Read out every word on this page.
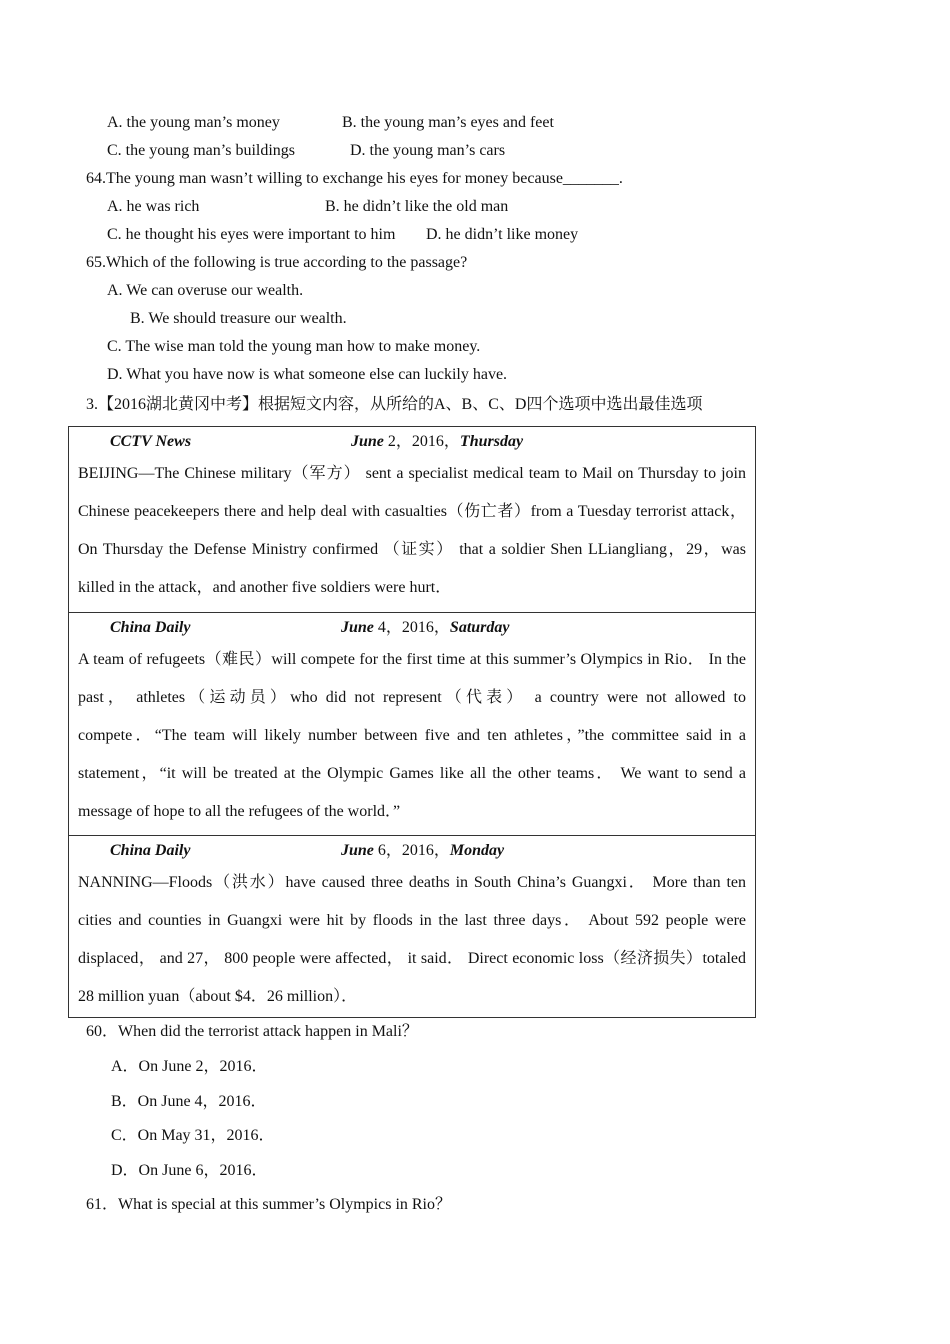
A. the young man’s money	B. the young man’s eyes and feet
C. the young man’s buildings	D. the young man’s cars
64.The young man wasn’t willing to exchange his eyes for money because_______.
A. he was rich	B. he didn’t like the old man
C. he thought his eyes were important to him D. he didn’t like money
65.Which of the following is true according to the passage?
A. We can overuse our wealth.
B. We should treasure our wealth.
C. The wise man told the young man how to make money.
D. What you have now is what someone else can luckily have.
3.【2016湖北黄冈中考】根据短文内容，从所给的A、B、C、D四个选项中选出最佳选项
CCTV News	June 2，2016，Thursday
BEIJING—The Chinese military（军方） sent a specialist medical team to Mail on Thursday to join Chinese peacekeepers there and help deal with casualties（伤亡者）from a Tuesday terrorist attack， On Thursday the Defense Ministry confirmed （证实） that a soldier Shen LLiangliang，29，was killed in the attack，and another five soldiers were hurt．
China Daily	June 4，2016，Saturday
A team of refugeets（难民）will compete for the first time at this summer’s Olympics in Rio． In the past， athletes（运动员）who did not represent（代表） a country were not allowed to compete．“The team will likely number between five and ten athletes，”the committee said in a statement，“it will be treated at the Olympic Games like all the other teams． We want to send a message of hope to all the refugees of the world．”
China Daily	June 6，2016，Monday
NANNING—Floods（洪水）have caused three deaths in South China’s Guangxi． More than ten cities and counties in Guangxi were hit by floods in the last three days． About 592 people were displaced， and 27， 800 people were affected， it said． Direct economic loss（经济损失）totaled 28 million yuan（about $4．26 million）．
60．When did the terrorist attack happen in Mali？
A．On June 2，2016．
B．On June 4，2016．
C．On May 31，2016．
D．On June 6，2016．
61．What is special at this summer’s Olympics in Rio？
